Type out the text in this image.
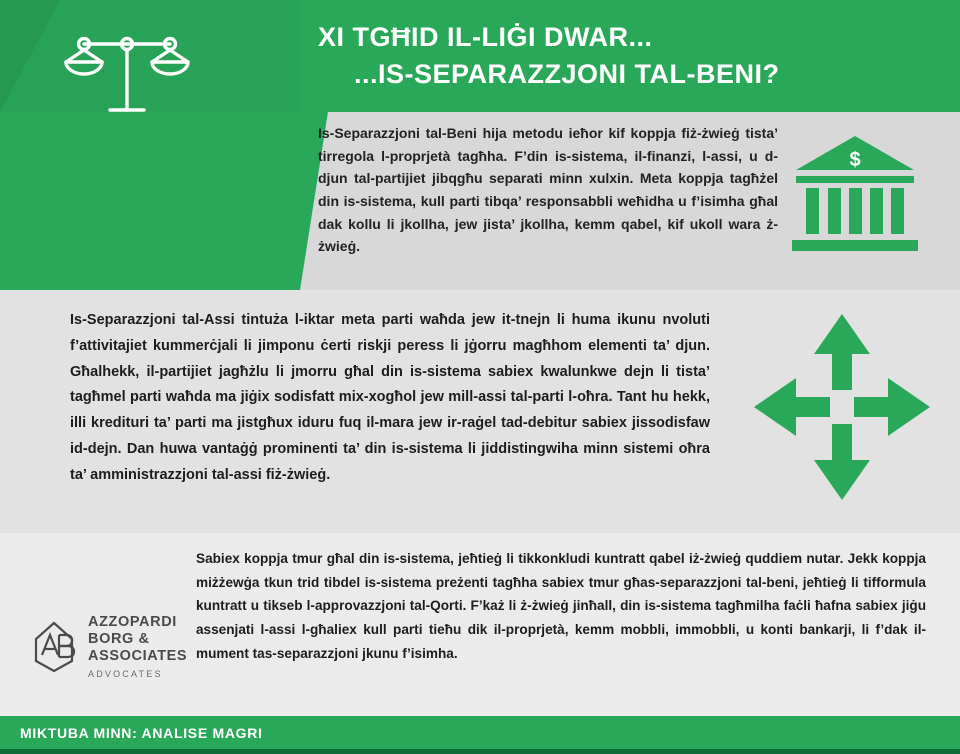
XI TGĦID IL-LIĠI DWAR...
...IS-SEPARAZZJONI TAL-BENI?
Is-Separazzjoni tal-Beni hija metodu ieħor kif koppja fiż-żwieġ tista’ tirregola l-proprjetà tagħha. F’din is-sistema, il-finanzi, l-assi, u d-djun tal-partijiet jibqgħu separati minn xulxin. Meta koppja tagħżel din is-sistema, kull parti tibqa’ responsabbli weħidha u f’isimha għal dak kollu li jkollha, jew jista’ jkollha, kemm qabel, kif ukoll wara ż-żwieġ.
$
Is-Separazzjoni tal-Assi tintuża l-iktar meta parti waħda jew it-tnejn li huma ikunu nvoluti f’attivitajiet kummerċjali li jimponu ċerti riskji peress li jġorru magħhom elementi ta’ djun. Għalhekk, il-partijiet jagħżlu li jmorru għal din is-sistema sabiex kwalunkwe dejn li tista’ tagħmel parti waħda ma jiġix sodisfatt mix-xogħol jew mill-assi tal-parti l-oħra. Tant hu hekk, illi kredituri ta’ parti ma jistgħux iduru fuq il-mara jew ir-raġel tad-debitur sabiex jissodisfaw id-dejn. Dan huwa vantaġġ prominenti ta’ din is-sistema li jiddistingwiha minn sistemi oħra ta’ amministrazzjoni tal-assi fiż-żwieġ.
Sabiex koppja tmur għal din is-sistema, jeħtieġ li tikkonkludi kuntratt qabel iż-żwieġ quddiem nutar. Jekk koppja miżżewġa tkun trid tibdel is-sistema preżenti tagħha sabiex tmur għas-separazzjoni tal-beni, jeħtieġ li tifformula kuntratt u tikseb l-approvazzjoni tal-Qorti. F’każ li ż-żwieġ jinħall, din is-sistema tagħmilha faċli ħafna sabiex jiġu assenjati l-assi l-għaliex kull parti tieħu dik il-proprjetà, kemm mobbli, immobbli, u konti bankarji, li f’dak il-mument tas-separazzjoni jkunu f’isimha.
AZZOPARDI
BORG &
ASSOCIATES
ADVOCATES
MIKTUBA MINN: ANALISE MAGRI
